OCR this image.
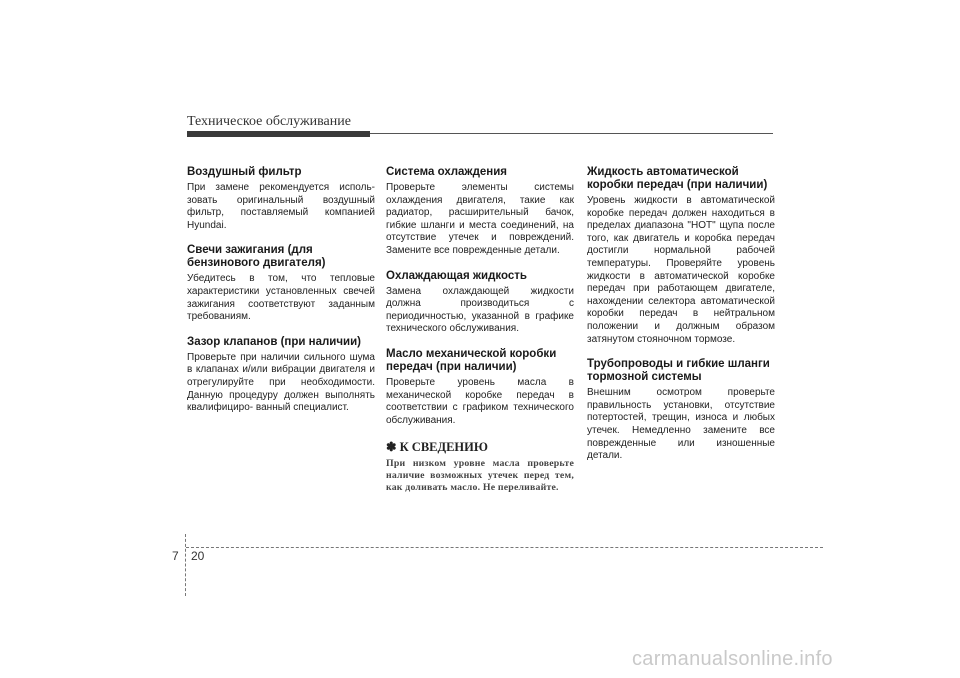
Техническое обслуживание
Воздушный фильтр

При замене рекомендуется исполь- зовать оригинальный воздушный фильтр, поставляемый компанией Hyundai.

Свечи зажигания (для бензинового двигателя)

Убедитесь в том, что тепловые характеристики установленных свечей зажигания соответствуют заданным требованиям.

Зазор клапанов (при наличии)

Проверьте при наличии сильного шума в клапанах и/или вибрации двигателя и отрегулируйте при необходимости. Данную процедуру должен выполнять квалифициро- ванный специалист.

Система охлаждения

Проверьте элементы системы охлаждения двигателя, такие как радиатор, расширительный бачок, гибкие шланги и места соединений, на отсутствие утечек и повреждений. Замените все поврежденные детали.

Охлаждающая жидкость

Замена охлаждающей жидкости должна производиться с периодичностью, указанной в графике технического обслуживания.

Масло механической коробки передач (при наличии)

Проверьте уровень масла в механической коробке передач в соответствии с графиком технического обслуживания.

✽ К СВЕДЕНИЮ

При низком уровне масла проверьте наличие возможных утечек перед тем, как доливать масло. Не переливайте.

Жидкость автоматической коробки передач (при наличии)

Уровень жидкости в автоматической коробке передач должен находиться в пределах диапазона "HOT" щупа после того, как двигатель и коробка передач достигли нормальной рабочей температуры. Проверяйте уровень жидкости в автоматической коробке передач при работающем двигателе, нахождении селектора автоматической коробки передач в нейтральном положении и должным образом затянутом стояночном тормозе.

Трубопроводы и гибкие шланги тормозной системы

Внешним осмотром проверьте правильность установки, отсутствие потертостей, трещин, износа и любых утечек. Немедленно замените все поврежденные или изношенные детали.

7 20
carmanualsonline.info
